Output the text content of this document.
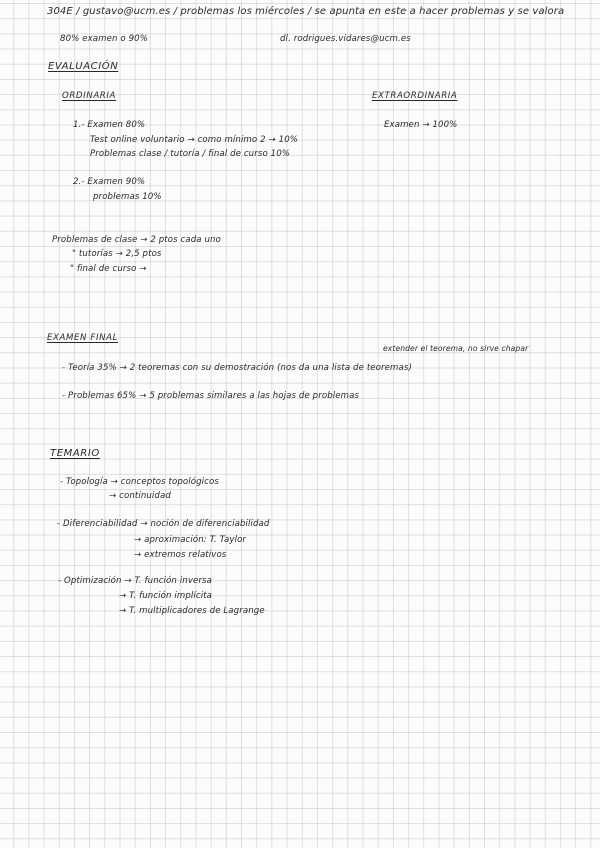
304E / gustavo@ucm.es / problemas los miércoles / se apunta en este a hacer problemas y se valora
80% examen o 90%	dl. rodrigues.vidares@ucm.es
EVALUACIÓN
ORDINARIA	EXTRAORDINARIA
1.- Examen 80%	Examen → 100%
Test online voluntario → como mínimo 2 → 10%
Problemas clase / tutoría / final de curso 10%
2.- Examen 90%
problemas 10%
Problemas de clase → 2 ptos cada uno
" tutorías → 2,5 ptos
" final de curso →
EXAMEN FINAL
extender el teorema, no sirve chapar
- Teoría 35% → 2 teoremas con su demostración (nos da una lista de teoremas)
- Problemas 65% → 5 problemas similares a las hojas de problemas
TEMARIO
- Topología → conceptos topológicos
→ continuidad
- Diferenciabilidad → noción de diferenciabilidad
→ aproximación: T. Taylor
→ extremos relativos
- Optimización → T. función inversa
→ T. función implícita
→ T. multiplicadores de Lagrange
